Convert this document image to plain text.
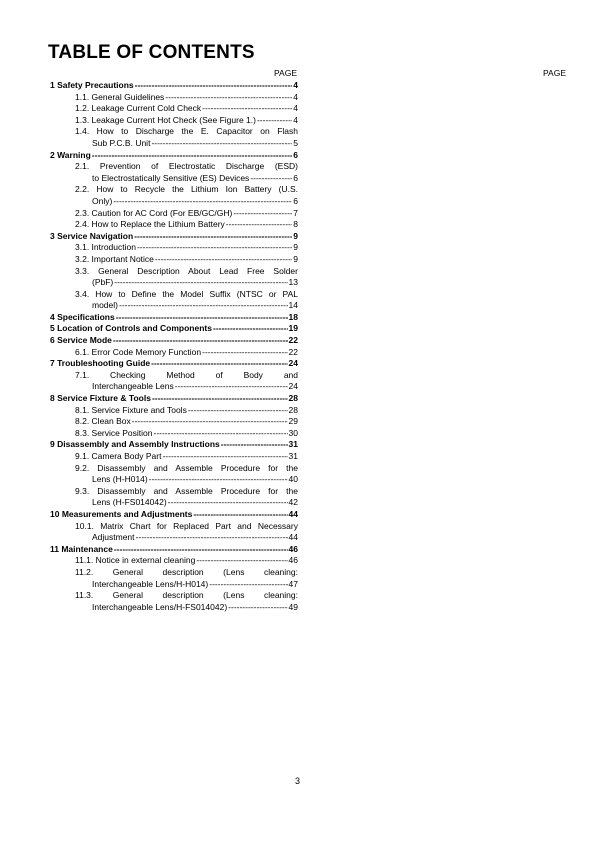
TABLE OF CONTENTS
PAGE	PAGE
1 Safety Precautions -----	4
1.1. General Guidelines -----	4
1.2. Leakage Current Cold Check -----	4
1.3. Leakage Current Hot Check (See Figure 1.) -----	4
1.4. How to Discharge the E. Capacitor on Flash
Sub P.C.B. Unit -----	5
2 Warning -----	6
2.1. Prevention of Electrostatic Discharge (ESD)
to Electrostatically Sensitive (ES) Devices -----	6
2.2. How to Recycle the Lithium Ion Battery (U.S.
Only) -----	6
2.3. Caution for AC Cord (For EB/GC/GH) -----	7
2.4. How to Replace the Lithium Battery -----	8
3 Service Navigation -----	9
3.1. Introduction -----	9
3.2. Important Notice -----	9
3.3. General Description About Lead Free Solder
(PbF) -----	13
3.4. How to Define the Model Suffix (NTSC or PAL
model) -----	14
4 Specifications -----	18
5 Location of Controls and Components -----	19
6 Service Mode -----	22
6.1. Error Code Memory Function -----	22
7 Troubleshooting Guide -----	24
7.1. Checking Method of Body and
Interchangeable Lens -----	24
8 Service Fixture & Tools -----	28
8.1. Service Fixture and Tools -----	28
8.2. Clean Box -----	29
8.3. Service Position -----	30
9 Disassembly and Assembly Instructions -----	31
9.1. Camera Body Part -----	31
9.2. Disassembly and Assemble Procedure for the
Lens (H-H014) -----	40
9.3. Disassembly and Assemble Procedure for the
Lens (H-FS014042) -----	42
10 Measurements and Adjustments -----	44
10.1. Matrix Chart for Replaced Part and Necessary
Adjustment -----	44
11 Maintenance -----	46
11.1. Notice in external cleaning -----	46
11.2. General description (Lens cleaning:
Interchangeable Lens/H-H014) -----	47
11.3. General description (Lens cleaning:
Interchangeable Lens/H-FS014042) -----	49
3
